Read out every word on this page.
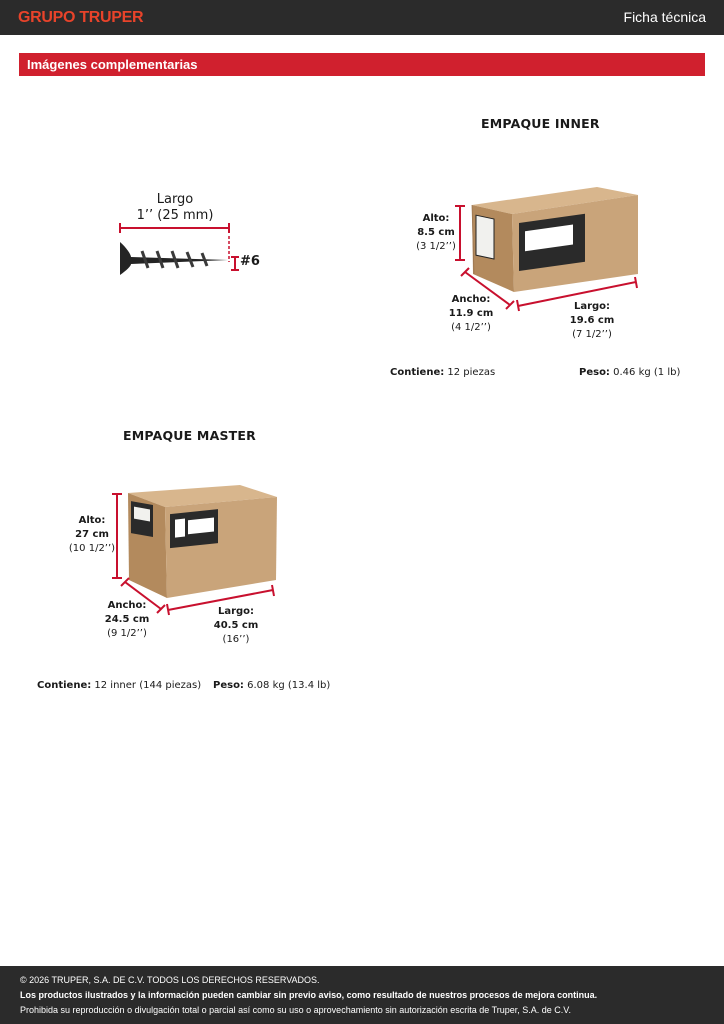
GRUPO TRUPER	Ficha técnica
Imágenes complementarias
Largo
1’’ (25 mm)
#6
EMPAQUE INNER
Alto:
8.5 cm
(3 1/2’’)
Ancho:
11.9 cm
(4 1/2’’)
Largo:
19.6 cm
(7 1/2’’)
Contiene: 12 piezas	Peso: 0.46 kg (1 lb)
EMPAQUE MASTER
Alto:
27 cm
(10 1/2’’)
Ancho:
24.5 cm
(9 1/2’’)
Largo:
40.5 cm
(16’’)
Contiene: 12 inner (144 piezas) Peso: 6.08 kg (13.4 lb)
© 2026 TRUPER, S.A. DE C.V. TODOS LOS DERECHOS RESERVADOS.
Los productos ilustrados y la información pueden cambiar sin previo aviso, como resultado de nuestros procesos de mejora continua.
Prohibida su reproducción o divulgación total o parcial así como su uso o aprovechamiento sin autorización escrita de Truper, S.A. de C.V.
